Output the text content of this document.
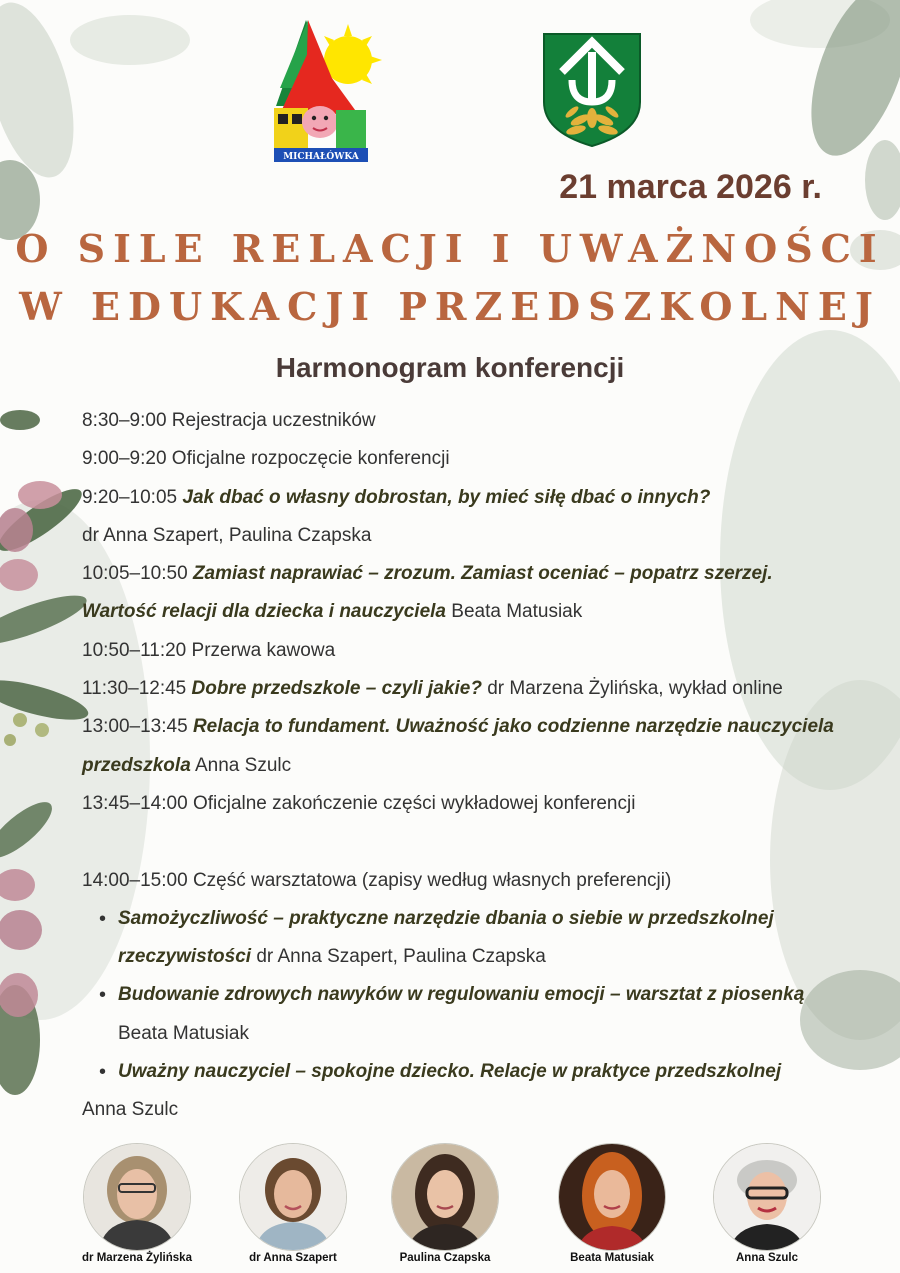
MICHAŁÓWKA
21 marca 2026 r.
O SILE RELACJI I UWAŻNOŚCI
W EDUKACJI PRZEDSZKOLNEJ
Harmonogram konferencji
8:30–9:00 Rejestracja uczestników
9:00–9:20 Oficjalne rozpoczęcie konferencji
9:20–10:05 Jak dbać o własny dobrostan, by mieć siłę dbać o innych?
dr Anna Szapert, Paulina Czapska
10:05–10:50 Zamiast naprawiać – zrozum. Zamiast oceniać – popatrz szerzej.
Wartość relacji dla dziecka i nauczyciela Beata Matusiak
10:50–11:20 Przerwa kawowa
11:30–12:45 Dobre przedszkole – czyli jakie? dr Marzena Żylińska, wykład online
13:00–13:45 Relacja to fundament. Uważność jako codzienne narzędzie nauczyciela
przedszkola Anna Szulc
13:45–14:00 Oficjalne zakończenie części wykładowej konferencji
14:00–15:00 Część warsztatowa (zapisy według własnych preferencji)
• Samożyczliwość – praktyczne narzędzie dbania o siebie w przedszkolnej
rzeczywistości dr Anna Szapert, Paulina Czapska
• Budowanie zdrowych nawyków w regulowaniu emocji – warsztat z piosenką
Beata Matusiak
• Uważny nauczyciel – spokojne dziecko. Relacje w praktyce przedszkolnej
Anna Szulc
dr Marzena Żylińska	dr Anna Szapert	Paulina Czapska	Beata Matusiak	Anna Szulc
